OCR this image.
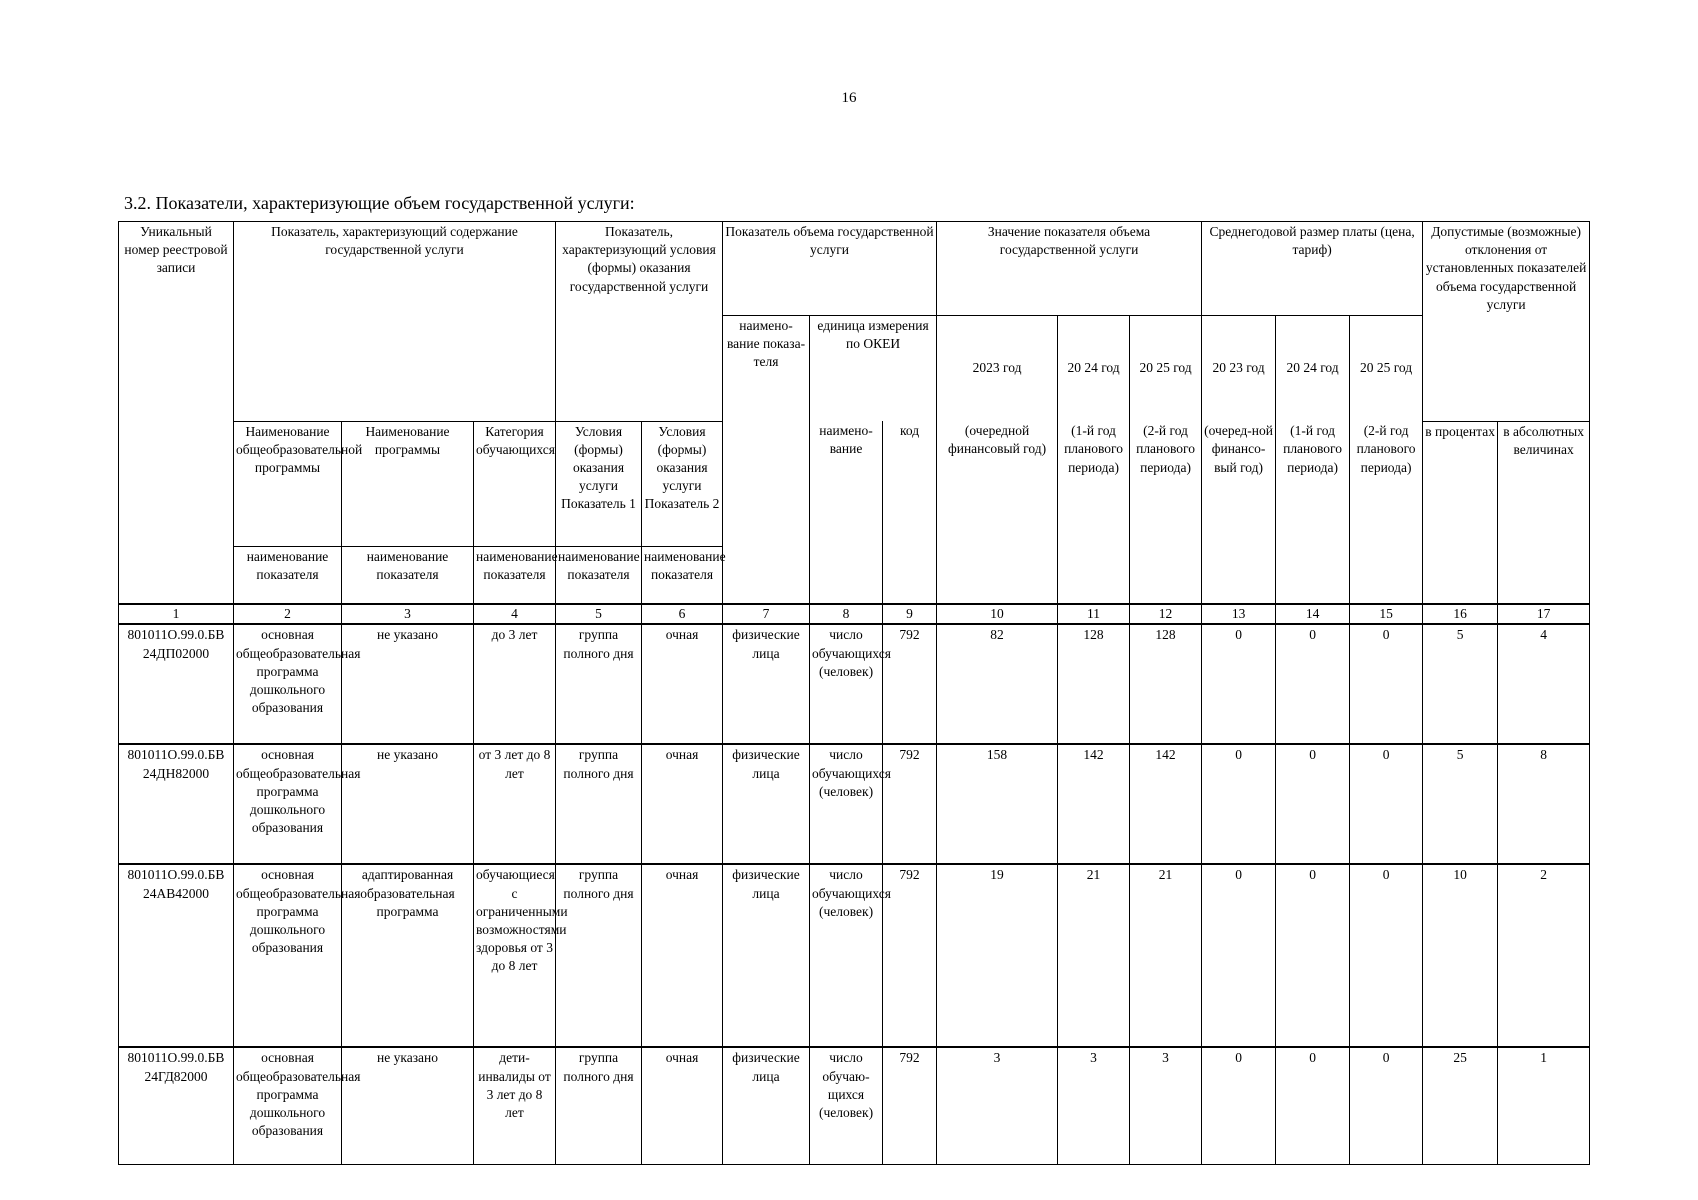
16
3.2. Показатели, характеризующие объем государственной услуги:
Уникальный номер реестровой записи	Показатель, характеризующий содержание государственной услуги			Показатель, характеризующий условия (формы) оказания государственной услуги		Показатель объема государственной услуги			Значение показателя объема государственной услуги			Среднегодовой размер платы (цена, тариф)			Допустимые (возможные) отклонения от установленных показателей объема государственной услуги	
						наимено-вание показа-теля	единица измерения по ОКЕИ		2023 год	20 24 год	20 25 год	20 23 год	20 24 год	20 25 год		
	Наименование общеобразовательной программы	Наименование программы	Категория обучающихся	Условия (формы) оказания услуги Показатель 1	Условия (формы) оказания услуги Показатель 2		наимено-вание	код	(очередной финансовый год)	(1-й год планового периода)	(2-й год планового периода)	(очеред-ной финансо-вый год)	(1-й год планового периода)	(2-й год планового периода)	в процентах	в абсолютных величинах
	наименование показателя	наименование показателя	наименование показателя	наименование показателя	наименование показателя											
1	2	3	4	5	6	7	8	9	10	11	12	13	14	15	16	17
801011О.99.0.БВ 24ДП02000	основная общеобразовательная программа дошкольного образования	не указано	до 3 лет	группа полного дня	очная	физические лица	число обучающихся (человек)	792	82	128	128	0	0	0	5	4
801011О.99.0.БВ 24ДН82000	основная общеобразовательная программа дошкольного образования	не указано	от 3 лет до 8 лет	группа полного дня	очная	физические лица	число обучающихся (человек)	792	158	142	142	0	0	0	5	8
801011О.99.0.БВ 24АВ42000	основная общеобразовательная программа дошкольного образования	адаптированная образовательная программа	обучающиеся с ограниченными возможностями здоровья от 3 до 8 лет	группа полного дня	очная	физические лица	число обучающихся (человек)	792	19	21	21	0	0	0	10	2
801011О.99.0.БВ 24ГД82000	основная общеобразовательная программа дошкольного образования	не указано	дети-инвалиды от 3 лет до 8 лет	группа полного дня	очная	физические лица	число обучаю-щихся (человек)	792	3	3	3	0	0	0	25	1
